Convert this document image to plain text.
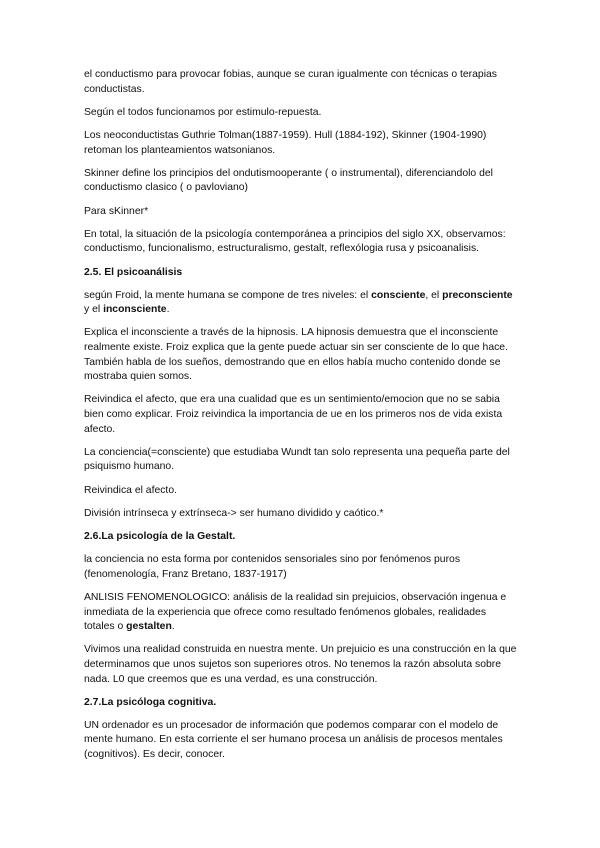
el conductismo para provocar fobias, aunque se curan igualmente con técnicas o terapias conductistas.

Según el todos funcionamos por estimulo-repuesta.

Los neoconductistas Guthrie Tolman(1887-1959). Hull (1884-192), Skinner (1904-1990) retoman los planteamientos watsonianos.

Skinner define los principios del ondutismooperante ( o instrumental), diferenciandolo del conductismo clasico ( o pavloviano)

Para sKinner*

En total, la situación de la psicología contemporánea a principios del siglo XX, observamos: conductismo, funcionalismo, estructuralismo, gestalt, reflexólogia rusa y psicoanalisis.

2.5. El psicoanálisis

según Froid, la mente humana se compone de tres niveles: el consciente, el preconsciente y el inconsciente.

Explica el inconsciente a través de la hipnosis. LA hipnosis demuestra que el inconsciente realmente existe. Froiz explica que la gente puede actuar sin ser consciente de lo que hace. También habla de los sueños, demostrando que en ellos había mucho contenido donde se mostraba quien somos.

Reivindica el afecto, que era una cualidad que es un sentimiento/emocion que no se sabia bien como explicar. Froiz reivindica la importancia de ue en los primeros nos de vida exista afecto.

La conciencia(=consciente) que estudiaba Wundt tan solo representa una pequeña parte del psiquismo humano.

Reivindica el afecto.

División intrínseca y extrínseca-> ser humano dividido y caótico.*

2.6.La psicología de la Gestalt.

la conciencia no esta forma por contenidos sensoriales sino por fenómenos puros (fenomenología, Franz Bretano, 1837-1917)

ANLISIS FENOMENOLOGICO: análisis de la realidad sin prejuicios, observación ingenua e inmediata de la experiencia que ofrece como resultado fenómenos globales, realidades totales o gestalten.

Vivimos una realidad construida en nuestra mente. Un prejuicio es una construcción en la que determinamos que unos sujetos son superiores otros. No tenemos la razón absoluta sobre nada. L0 que creemos que es una verdad, es una construcción.

2.7.La psicóloga cognitiva.

UN ordenador es un procesador de información que podemos comparar con el modelo de mente humano. En esta corriente el ser humano procesa un análisis de procesos mentales (cognitivos). Es decir, conocer.
